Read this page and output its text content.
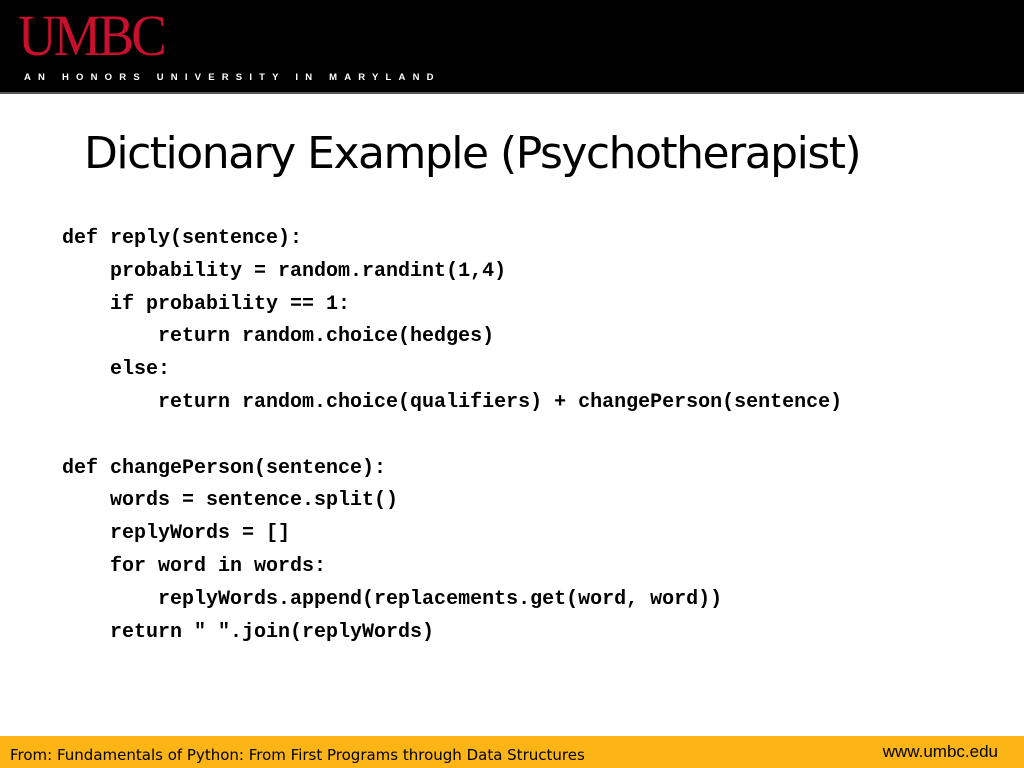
UMBC
AN HONORS UNIVERSITY IN MARYLAND
Dictionary Example (Psychotherapist)
def reply(sentence):
probability = random.randint(1,4)
if probability == 1:
return random.choice(hedges)
else:
return random.choice(qualifiers) + changePerson(sentence)
def changePerson(sentence):
words = sentence.split()
replyWords = []
for word in words:
replyWords.append(replacements.get(word, word))
return " ".join(replyWords)
From: Fundamentals of Python: From First Programs through Data Structures	www.umbc.edu
